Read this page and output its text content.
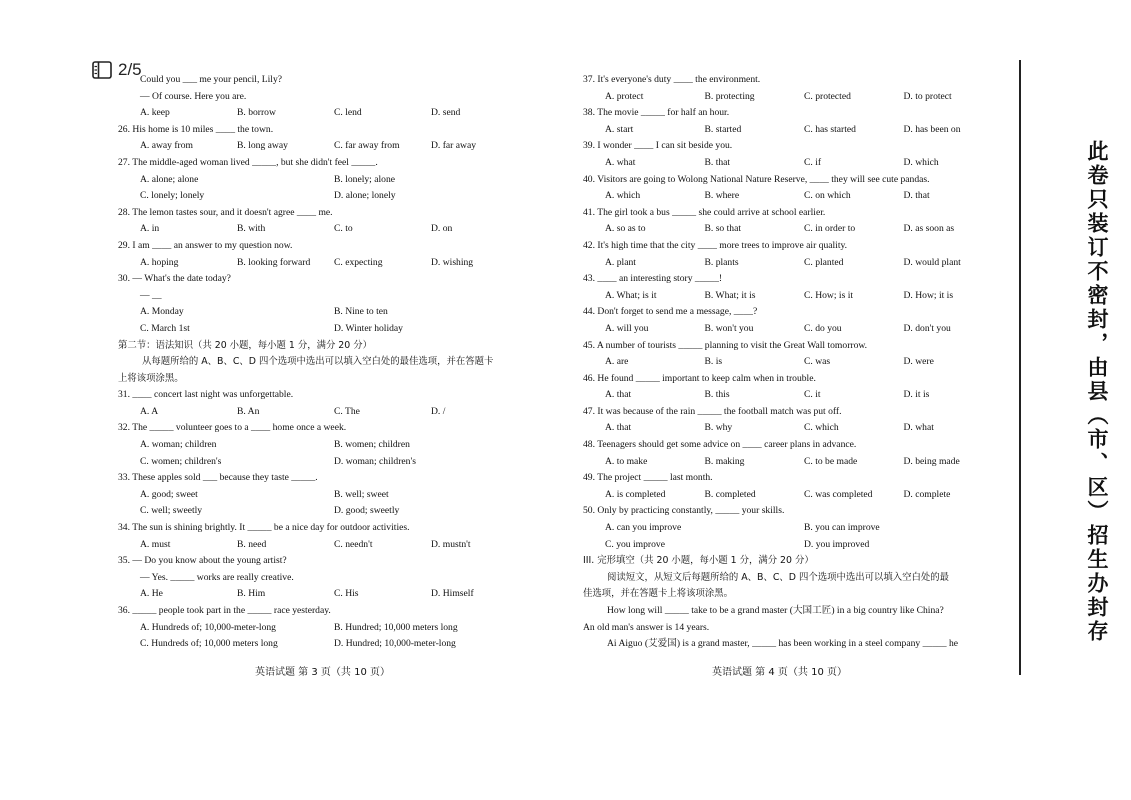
2/5
Could you ___ me your pencil, Lily?
— Of course. Here you are.
A. keep	B. borrow	C. lend	D. send
26. His home is 10 miles ____ the town.
A. away from	B. long away	C. far away from	D. far away
27. The middle-aged woman lived _____, but she didn't feel _____.
A. alone; alone	B. lonely; alone
C. lonely; lonely	D. alone; lonely
28. The lemon tastes sour, and it doesn't agree ____ me.
A. in	B. with	C. to	D. on
29. I am ____ an answer to my question now.
A. hoping	B. looking forward	C. expecting	D. wishing
30. — What's the date today?
— __
A. Monday	B. Nine to ten
C. March 1st	D. Winter holiday
第二节：语法知识（共 20 小题，每小题 1 分，满分 20 分）
从每题所给的 A、B、C、D 四个选项中选出可以填入空白处的最佳选项，并在答题卡
上将该项涂黑。
31. ____ concert last night was unforgettable.
A. A	B. An	C. The	D. /
32. The _____ volunteer goes to a ____ home once a week.
A. woman; children	B. women; children
C. women; children's	D. woman; children's
33. These apples sold ___ because they taste _____.
A. good; sweet	B. well; sweet
C. well; sweetly	D. good; sweetly
34. The sun is shining brightly. It _____ be a nice day for outdoor activities.
A. must	B. need	C. needn't	D. mustn't
35. — Do you know about the young artist?
— Yes. _____ works are really creative.
A. He	B. Him	C. His	D. Himself
36. _____ people took part in the _____ race yesterday.
A. Hundreds of; 10,000-meter-long	B. Hundred; 10,000 meters long
C. Hundreds of; 10,000 meters long	D. Hundred; 10,000-meter-long
37. It's everyone's duty ____ the environment.
A. protect	B. protecting	C. protected	D. to protect
38. The movie _____ for half an hour.
A. start	B. started	C. has started	D. has been on
39. I wonder ____ I can sit beside you.
A. what	B. that	C. if	D. which
40. Visitors are going to Wolong National Nature Reserve, ____ they will see cute pandas.
A. which	B. where	C. on which	D. that
41. The girl took a bus _____ she could arrive at school earlier.
A. so as to	B. so that	C. in order to	D. as soon as
42. It's high time that the city ____ more trees to improve air quality.
A. plant	B. plants	C. planted	D. would plant
43. ____ an interesting story _____!
A. What; is it	B. What; it is	C. How; is it	D. How; it is
44. Don't forget to send me a message, ____?
A. will you	B. won't you	C. do you	D. don't you
45. A number of tourists _____ planning to visit the Great Wall tomorrow.
A. are	B. is	C. was	D. were
46. He found _____ important to keep calm when in trouble.
A. that	B. this	C. it	D. it is
47. It was because of the rain _____ the football match was put off.
A. that	B. why	C. which	D. what
48. Teenagers should get some advice on ____ career plans in advance.
A. to make	B. making	C. to be made	D. being made
49. The project _____ last month.
A. is completed	B. completed	C. was completed	D. complete
50. Only by practicing constantly, _____ your skills.
A. can you improve	B. you can improve
C. you improve	D. you improved
III. 完形填空（共 20 小题，每小题 1 分，满分 20 分）
阅读短文，从短文后每题所给的 A、B、C、D 四个选项中选出可以填入空白处的最
佳选项，并在答题卡上将该项涂黑。
How long will _____ take to be a grand master (大国工匠) in a big country like China?
An old man's answer is 14 years.
Ai Aiguo (艾爱国) is a grand master, _____ has been working in a steel company _____ he
英语试题 第 3 页（共 10 页）	英语试题 第 4 页（共 10 页）
此卷只装订不密封，由县（市、区）招生办封存
